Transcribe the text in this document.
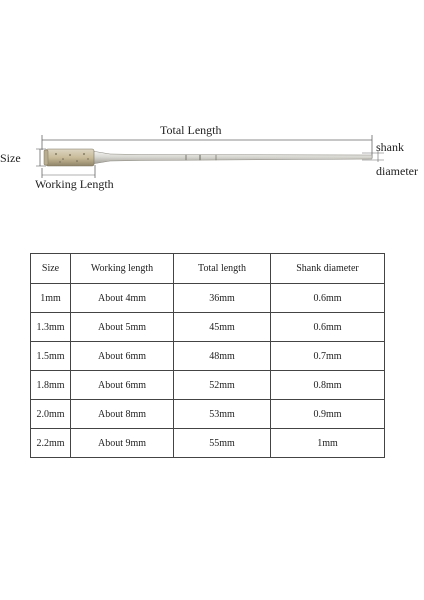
Total Length
Size
Working Length
shank
diameter
Size	Working length	Total length	Shank diameter
1mm	About 4mm	36mm	0.6mm
1.3mm	About 5mm	45mm	0.6mm
1.5mm	About 6mm	48mm	0.7mm
1.8mm	About 6mm	52mm	0.8mm
2.0mm	About 8mm	53mm	0.9mm
2.2mm	About 9mm	55mm	1mm
